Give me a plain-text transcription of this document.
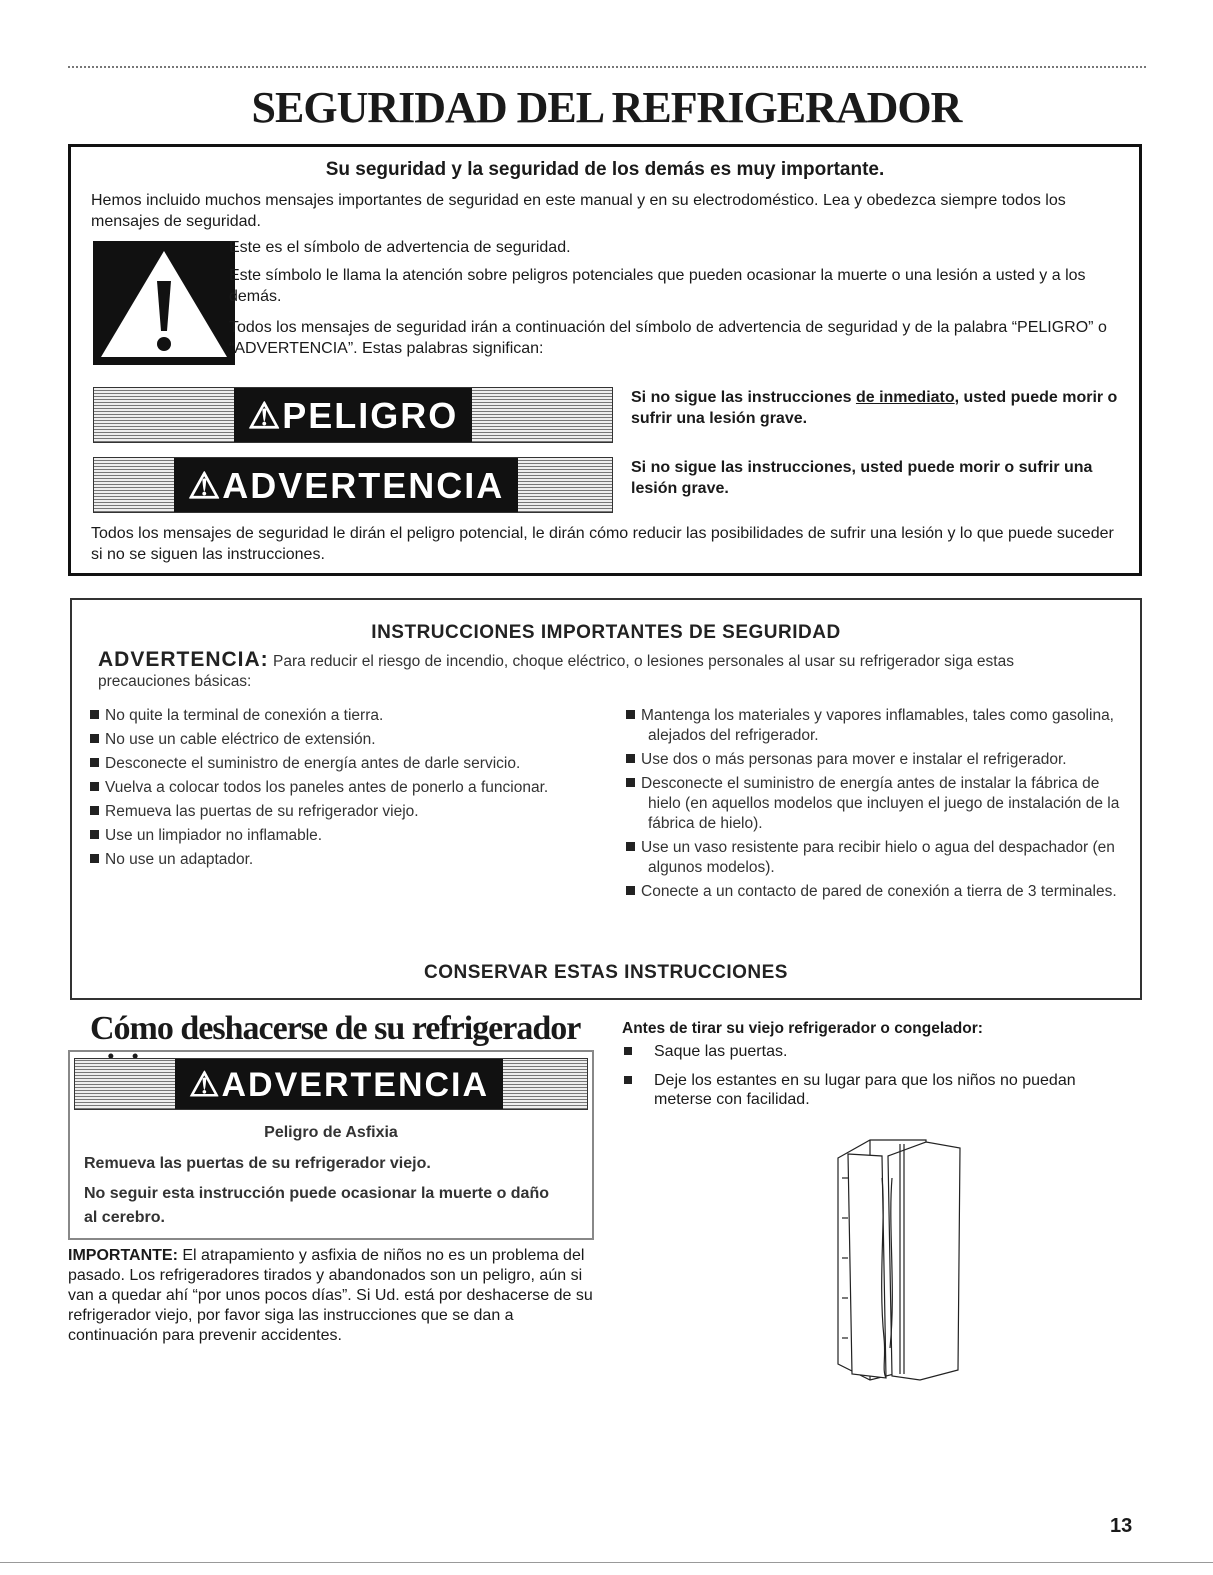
SEGURIDAD DEL REFRIGERADOR
Su seguridad y la seguridad de los demás es muy importante.
Hemos incluido muchos mensajes importantes de seguridad en este manual y en su electrodoméstico. Lea y obedezca siempre todos los mensajes de seguridad.
Este es el símbolo de advertencia de seguridad.
Este símbolo le llama la atención sobre peligros potenciales que pueden ocasionar la muerte o una lesión a usted y a los demás.
Todos los mensajes de seguridad irán a continuación del símbolo de advertencia de seguridad y de la palabra “PELIGRO” o “ADVERTENCIA”. Estas palabras significan:
⚠PELIGRO	Si no sigue las instrucciones de inmediato, usted puede morir o sufrir una lesión grave.
⚠ADVERTENCIA	Si no sigue las instrucciones, usted puede morir o sufrir una lesión grave.
Todos los mensajes de seguridad le dirán el peligro potencial, le dirán cómo reducir las posibilidades de sufrir una lesión y lo que puede suceder si no se siguen las instrucciones.
INSTRUCCIONES IMPORTANTES DE SEGURIDAD
ADVERTENCIA: Para reducir el riesgo de incendio, choque eléctrico, o lesiones personales al usar su refrigerador siga estas precauciones básicas:
No quite la terminal de conexión a tierra.
No use un cable eléctrico de extensión.
Desconecte el suministro de energía antes de darle servicio.
Vuelva a colocar todos los paneles antes de ponerlo a funcionar.
Remueva las puertas de su refrigerador viejo.
Use un limpiador no inflamable.
No use un adaptador.
Mantenga los materiales y vapores inflamables, tales como gasolina, alejados del refrigerador.
Use dos o más personas para mover e instalar el refrigerador.
Desconecte el suministro de energía antes de instalar la fábrica de hielo (en aquellos modelos que incluyen el juego de instalación de la fábrica de hielo).
Use un vaso resistente para recibir hielo o agua del despachador (en algunos modelos).
Conecte a un contacto de pared de conexión a tierra de 3 terminales.
CONSERVAR ESTAS INSTRUCCIONES
Cómo deshacerse de su refrigerador
⚠ADVERTENCIA
Peligro de Asfixia
Remueva las puertas de su refrigerador viejo.
No seguir esta instrucción puede ocasionar la muerte o daño al cerebro.
IMPORTANTE: El atrapamiento y asfixia de niños no es un problema del pasado. Los refrigeradores tirados y abandonados son un peligro, aún si van a quedar ahí “por unos pocos días”. Si Ud. está por deshacerse de su refrigerador viejo, por favor siga las instrucciones que se dan a continuación para prevenir accidentes.
Antes de tirar su viejo refrigerador o congelador:
Saque las puertas.
Deje los estantes en su lugar para que los niños no puedan meterse con facilidad.
13
